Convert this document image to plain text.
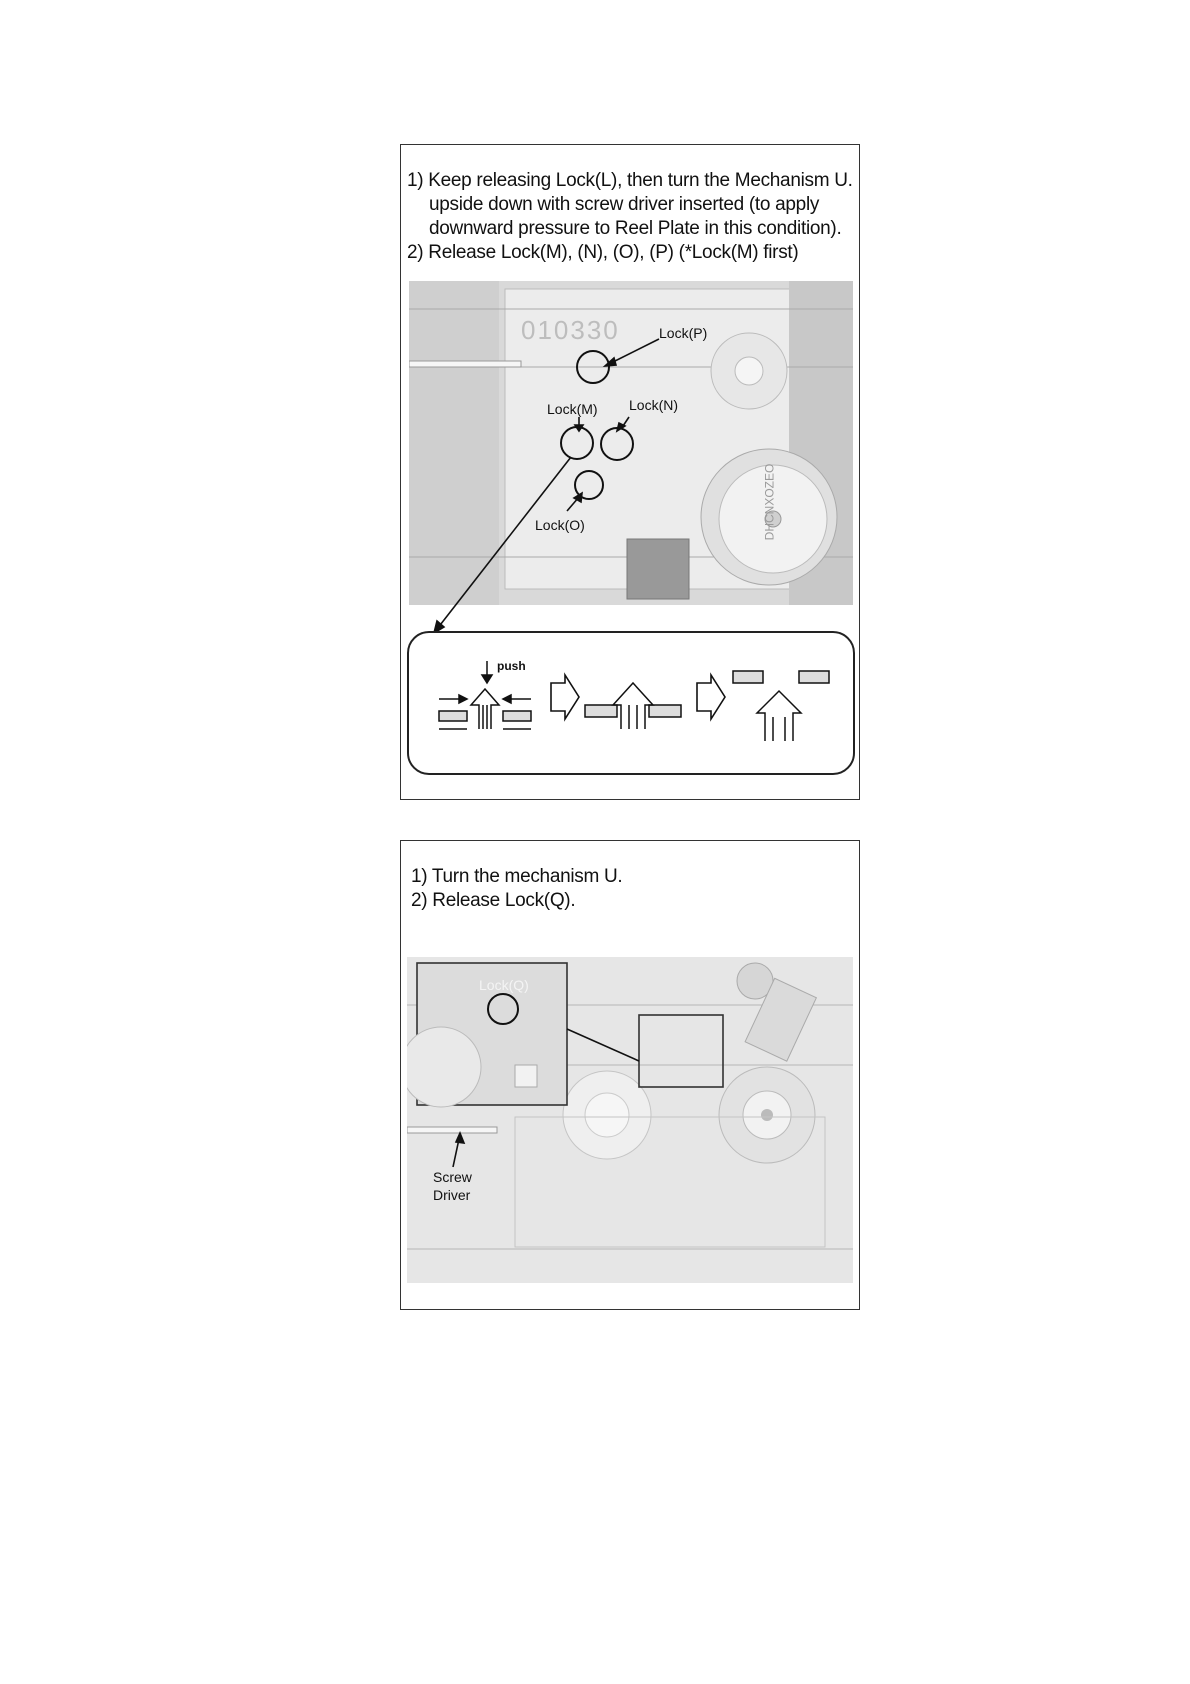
1) Keep releasing Lock(L), then turn the Mechanism U.
upside down with screw driver inserted (to apply
downward pressure to Reel Plate in this condition).
2) Release Lock(M), (N), (O), (P) (*Lock(M) first)
010330	Lock(P)
Lock(M) Lock(N)
Lock(O)	DHCNXOZEO
push
1) Turn the mechanism U.
2) Release Lock(Q).
Lock(Q)
Screw
Driver
